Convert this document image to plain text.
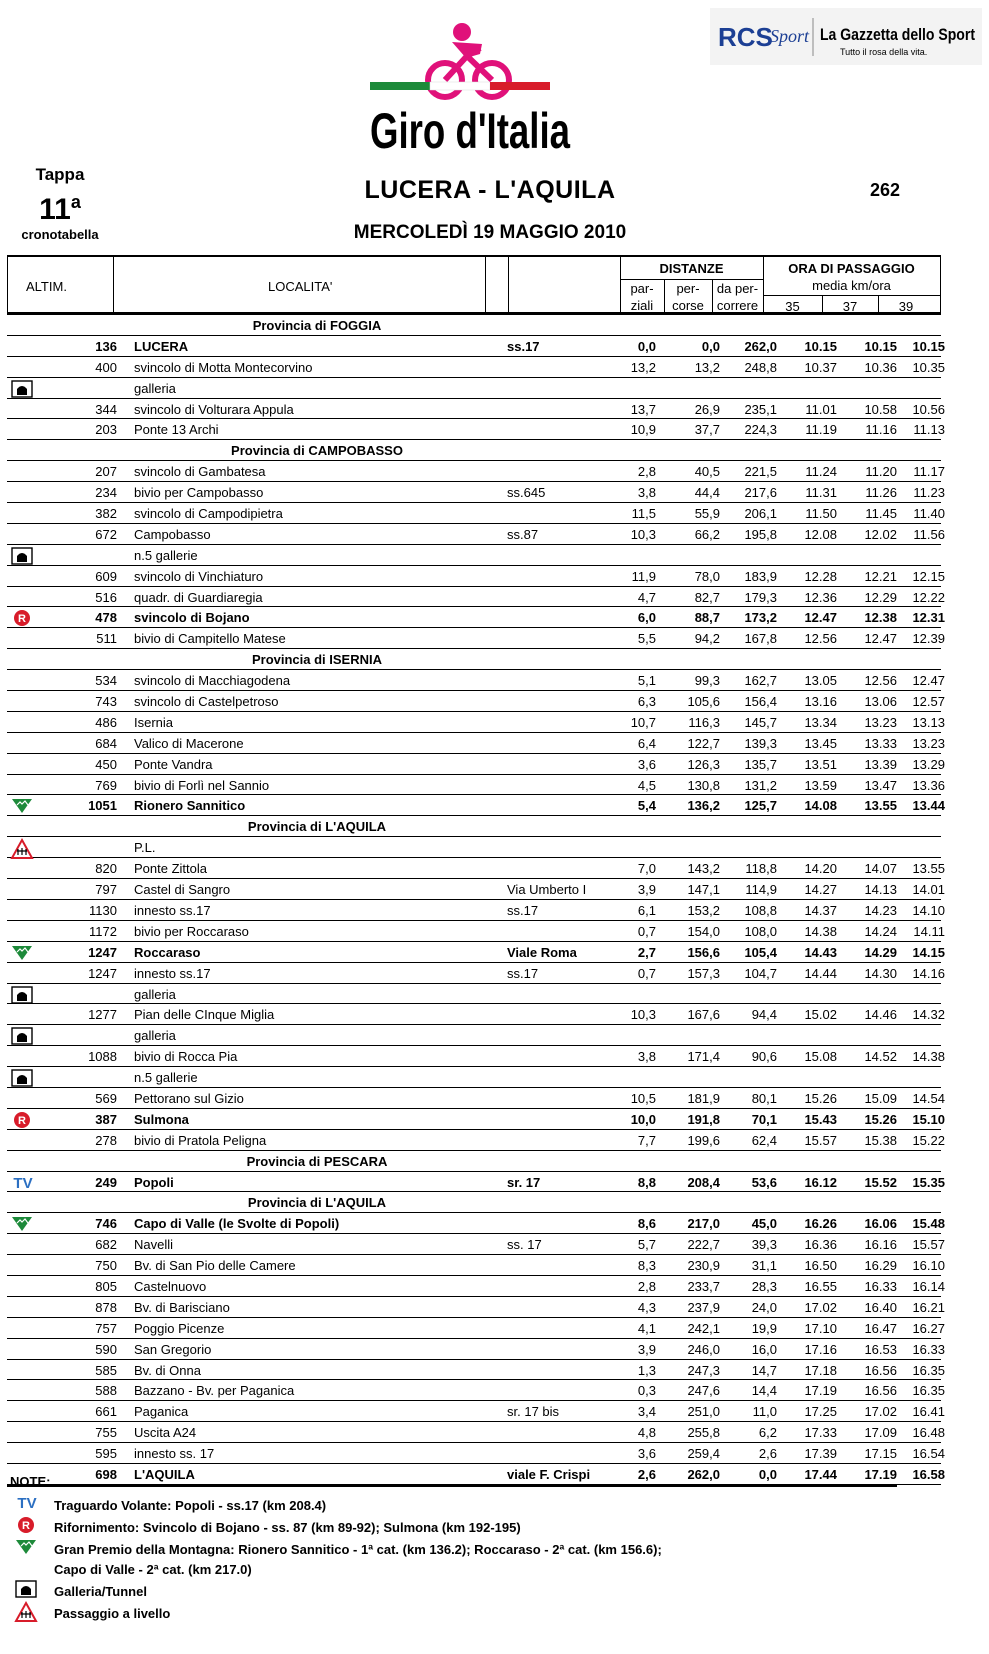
Giro d'Italia
RCS
Sport La Gazzetta dello Sport
Tutto il rosa della vita.
Tappa
11$^a$
cronotabella
LUCERA - L'AQUILA
MERCOLEDÌ 19 MAGGIO 2010
262
ALTIM.	LOCALITA'
DISTANZE
par-
ziali
per-
corse
da per-
correre
ORA DI PASSAGGIO
media km/ora
35	37	39
Provincia di FOGGIA
136 LUCERA	ss.17	0,0	0,0	262,0	10.15	10.15	10.15
400 svincolo di Motta Montecorvino	13,2	13,2	248,8	10.37	10.36	10.35
galleria
344 svincolo di Volturara Appula	13,7	26,9	235,1	11.01	10.58	10.56
203 Ponte 13 Archi	10,9	37,7	224,3	11.19	11.16	11.13
Provincia di CAMPOBASSO
207 svincolo di Gambatesa	2,8	40,5	221,5	11.24	11.20	11.17
234 bivio per Campobasso	ss.645	3,8	44,4	217,6	11.31	11.26	11.23
382 svincolo di Campodipietra	11,5	55,9	206,1	11.50	11.45	11.40
672 Campobasso	ss.87	10,3	66,2	195,8	12.08	12.02	11.56
n.5 gallerie
609 svincolo di Vinchiaturo	11,9	78,0	183,9	12.28	12.21	12.15
516 quadr. di Guardiaregia	4,7	82,7	179,3	12.36	12.29	12.22
R	478 svincolo di Bojano	6,0	88,7	173,2	12.47	12.38	12.31
511 bivio di Campitello Matese	5,5	94,2	167,8	12.56	12.47	12.39
Provincia di ISERNIA
534 svincolo di Macchiagodena	5,1	99,3	162,7	13.05	12.56	12.47
743 svincolo di Castelpetroso	6,3	105,6	156,4	13.16	13.06	12.57
486 Isernia	10,7	116,3	145,7	13.34	13.23	13.13
684 Valico di Macerone	6,4	122,7	139,3	13.45	13.33	13.23
450 Ponte Vandra	3,6	126,3	135,7	13.51	13.39	13.29
769 bivio di Forlì nel Sannio	4,5	130,8	131,2	13.59	13.47	13.36
1051 Rionero Sannitico	5,4	136,2	125,7	14.08	13.55	13.44
Provincia di L'AQUILA
P.L.
820 Ponte Zittola	7,0	143,2	118,8	14.20	14.07	13.55
797 Castel di Sangro	Via Umberto I	3,9	147,1	114,9	14.27	14.13	14.01
1130 innesto ss.17	ss.17	6,1	153,2	108,8	14.37	14.23	14.10
1172 bivio per Roccaraso	0,7	154,0	108,0	14.38	14.24	14.11
1247 Roccaraso	Viale Roma	2,7	156,6	105,4	14.43	14.29	14.15
1247 innesto ss.17	ss.17	0,7	157,3	104,7	14.44	14.30	14.16
galleria
1277 Pian delle CInque Miglia	10,3	167,6	94,4	15.02	14.46	14.32
galleria
1088 bivio di Rocca Pia	3,8	171,4	90,6	15.08	14.52	14.38
n.5 gallerie
569 Pettorano sul Gizio	10,5	181,9	80,1	15.26	15.09	14.54
R	387 Sulmona	10,0	191,8	70,1	15.43	15.26	15.10
278 bivio di Pratola Peligna	7,7	199,6	62,4	15.57	15.38	15.22
Provincia di PESCARA
TV	249 Popoli	sr. 17	8,8	208,4	53,6	16.12	15.52	15.35
Provincia di L'AQUILA
746 Capo di Valle (le Svolte di Popoli)	8,6	217,0	45,0	16.26	16.06	15.48
682 Navelli	ss. 17	5,7	222,7	39,3	16.36	16.16	15.57
750 Bv. di San Pio delle Camere	8,3	230,9	31,1	16.50	16.29	16.10
805 Castelnuovo	2,8	233,7	28,3	16.55	16.33	16.14
878 Bv. di Barisciano	4,3	237,9	24,0	17.02	16.40	16.21
757 Poggio Picenze	4,1	242,1	19,9	17.10	16.47	16.27
590 San Gregorio	3,9	246,0	16,0	17.16	16.53	16.33
585 Bv. di Onna	1,3	247,3	14,7	17.18	16.56	16.35
588 Bazzano - Bv. per Paganica	0,3	247,6	14,4	17.19	16.56	16.35
661 Paganica	sr. 17 bis	3,4	251,0	11,0	17.25	17.02	16.41
755 Uscita A24	4,8	255,8	6,2	17.33	17.09	16.48
595 innesto ss. 17	3,6	259,4	2,6	17.39	17.15	16.54
698 L'AQUILA	viale F. Crispi	2,6	262,0	0,0	17.44	17.19	16.58
NOTE:
TV Traguardo Volante: Popoli - ss.17 (km 208.4)
R Rifornimento: Svincolo di Bojano - ss. 87 (km 89-92); Sulmona (km 192-195)
Gran Premio della Montagna: Rionero Sannitico - 1ª cat. (km 136.2); Roccaraso - 2ª cat. (km 156.6);
Capo di Valle - 2ª cat. (km 217.0)
Galleria/Tunnel
Passaggio a livello
